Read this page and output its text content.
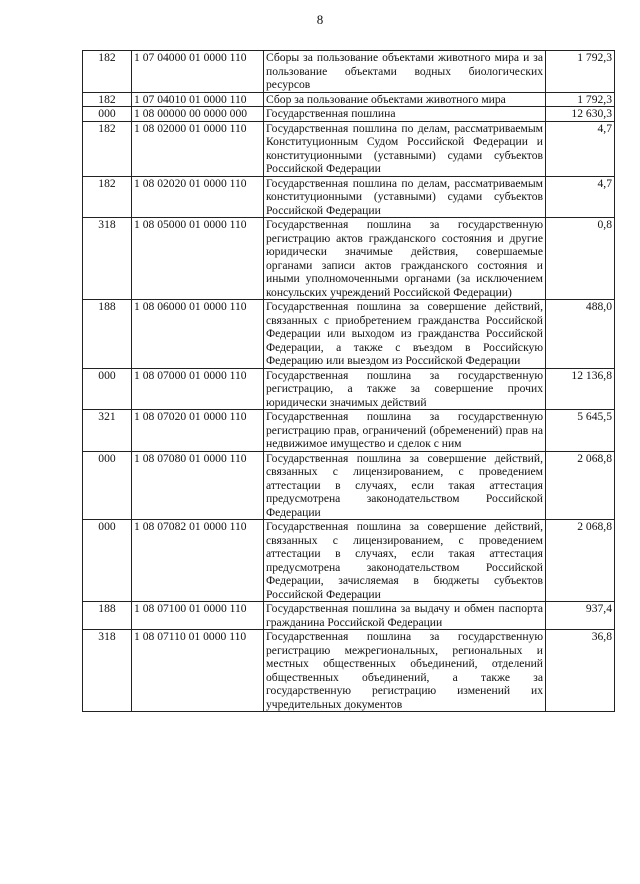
8
182	1 07 04000 01 0000 110	Сборы за пользование объектами животного мира и за пользование объектами водных биологических ресурсов	1 792,3
182	1 07 04010 01 0000 110	Сбор за пользование объектами животного мира	1 792,3
000	1 08 00000 00 0000 000	Государственная пошлина	12 630,3
182	1 08 02000 01 0000 110	Государственная пошлина по делам, рассматриваемым Конституционным Судом Российской Федерации и конституционными (уставными) судами субъектов Российской Федерации	4,7
182	1 08 02020 01 0000 110	Государственная пошлина по делам, рассматриваемым конституционными (уставными) судами субъектов Российской Федерации	4,7
318	1 08 05000 01 0000 110	Государственная пошлина за государственную регистрацию актов гражданского состояния и другие юридически значимые действия, совершаемые органами записи актов гражданского состояния и иными уполномоченными органами (за исключением консульских учреждений Российской Федерации)	0,8
188	1 08 06000 01 0000 110	Государственная пошлина за совершение действий, связанных с приобретением гражданства Российской Федерации или выходом из гражданства Российской Федерации, а также с въездом в Российскую Федерацию или выездом из Российской Федерации	488,0
000	1 08 07000 01 0000 110	Государственная пошлина за государственную регистрацию, а также за совершение прочих юридически значимых действий	12 136,8
321	1 08 07020 01 0000 110	Государственная пошлина за государственную регистрацию прав, ограничений (обременений) прав на недвижимое имущество и сделок с ним	5 645,5
000	1 08 07080 01 0000 110	Государственная пошлина за совершение действий, связанных с лицензированием, с проведением аттестации в случаях, если такая аттестация предусмотрена законодательством Российской Федерации	2 068,8
000	1 08 07082 01 0000 110	Государственная пошлина за совершение действий, связанных с лицензированием, с проведением аттестации в случаях, если такая аттестация предусмотрена законодательством Российской Федерации, зачисляемая в бюджеты субъектов Российской Федерации	2 068,8
188	1 08 07100 01 0000 110	Государственная пошлина за выдачу и обмен паспорта гражданина Российской Федерации	937,4
318	1 08 07110 01 0000 110	Государственная пошлина за государственную регистрацию межрегиональных, региональных и местных общественных объединений, отделений общественных объединений, а также за государственную регистрацию изменений их учредительных документов	36,8
